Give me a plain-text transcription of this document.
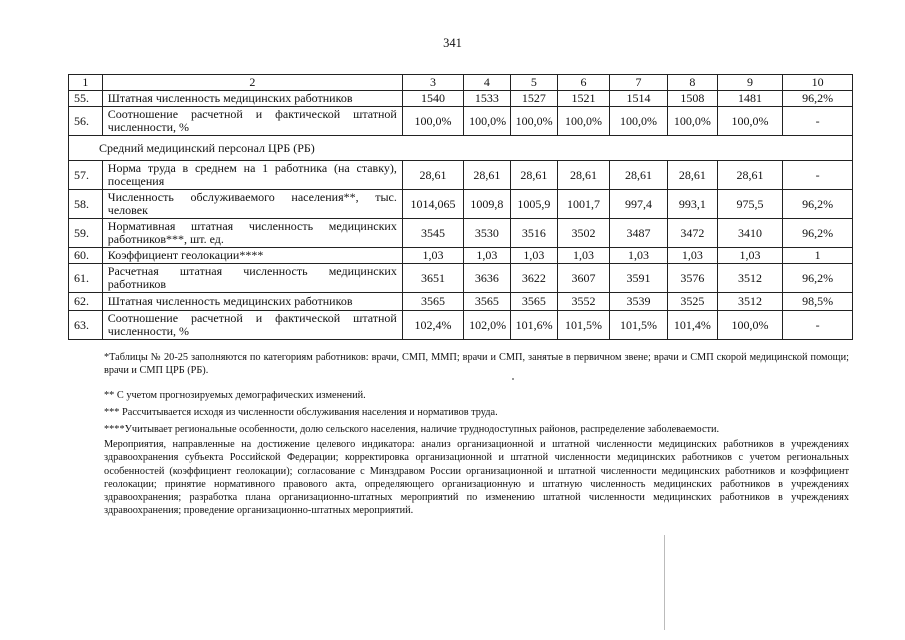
341
1	2	3	4	5	6	7	8	9	10
55.	Штатная численность медицинских работников	1540	1533	1527	1521	1514	1508	1481	96,2%
56.	Соотношение расчетной и фактической штатной численности, %	100,0%	100,0%	100,0%	100,0%	100,0%	100,0%	100,0%	-
Средний медицинский персонал ЦРБ (РБ)									
57.	Норма труда в среднем на 1 работника (на ставку), посещения	28,61	28,61	28,61	28,61	28,61	28,61	28,61	-
58.	Численность обслуживаемого населения**, тыс. человек	1014,065	1009,8	1005,9	1001,7	997,4	993,1	975,5	96,2%
59.	Нормативная штатная численность медицинских работников***, шт. ед.	3545	3530	3516	3502	3487	3472	3410	96,2%
60.	Коэффициент геолокации****	1,03	1,03	1,03	1,03	1,03	1,03	1,03	1
61.	Расчетная штатная численность медицинских работников	3651	3636	3622	3607	3591	3576	3512	96,2%
62.	Штатная численность медицинских работников	3565	3565	3565	3552	3539	3525	3512	98,5%
63.	Соотношение расчетной и фактической штатной численности, %	102,4%	102,0%	101,6%	101,5%	101,5%	101,4%	100,0%	-
*Таблицы № 20-25 заполняются по категориям работников: врачи, СМП, ММП; врачи и СМП, занятые в первичном звене; врачи и СМП скорой медицинской помощи; врачи и СМП ЦРБ (РБ).
** С учетом прогнозируемых демографических изменений.
*** Рассчитывается исходя из численности обслуживания населения и нормативов труда.
****Учитывает региональные особенности, долю сельского населения, наличие труднодоступных районов, распределение заболеваемости.
Мероприятия, направленные на достижение целевого индикатора: анализ организационной и штатной численности медицинских работников в учреждениях здравоохранения субъекта Российской Федерации; корректировка организационной и штатной численности медицинских работников с учетом региональных особенностей (коэффициент геолокации); согласование с Минздравом России организационной и штатной численности медицинских работников и коэффициент геолокации; принятие нормативного правового акта, определяющего организационную и штатную численность медицинских работников в учреждениях здравоохранения; разработка плана организационно-штатных мероприятий по изменению штатной численности медицинских работников в учреждениях здравоохранения; проведение организационно-штатных мероприятий.
